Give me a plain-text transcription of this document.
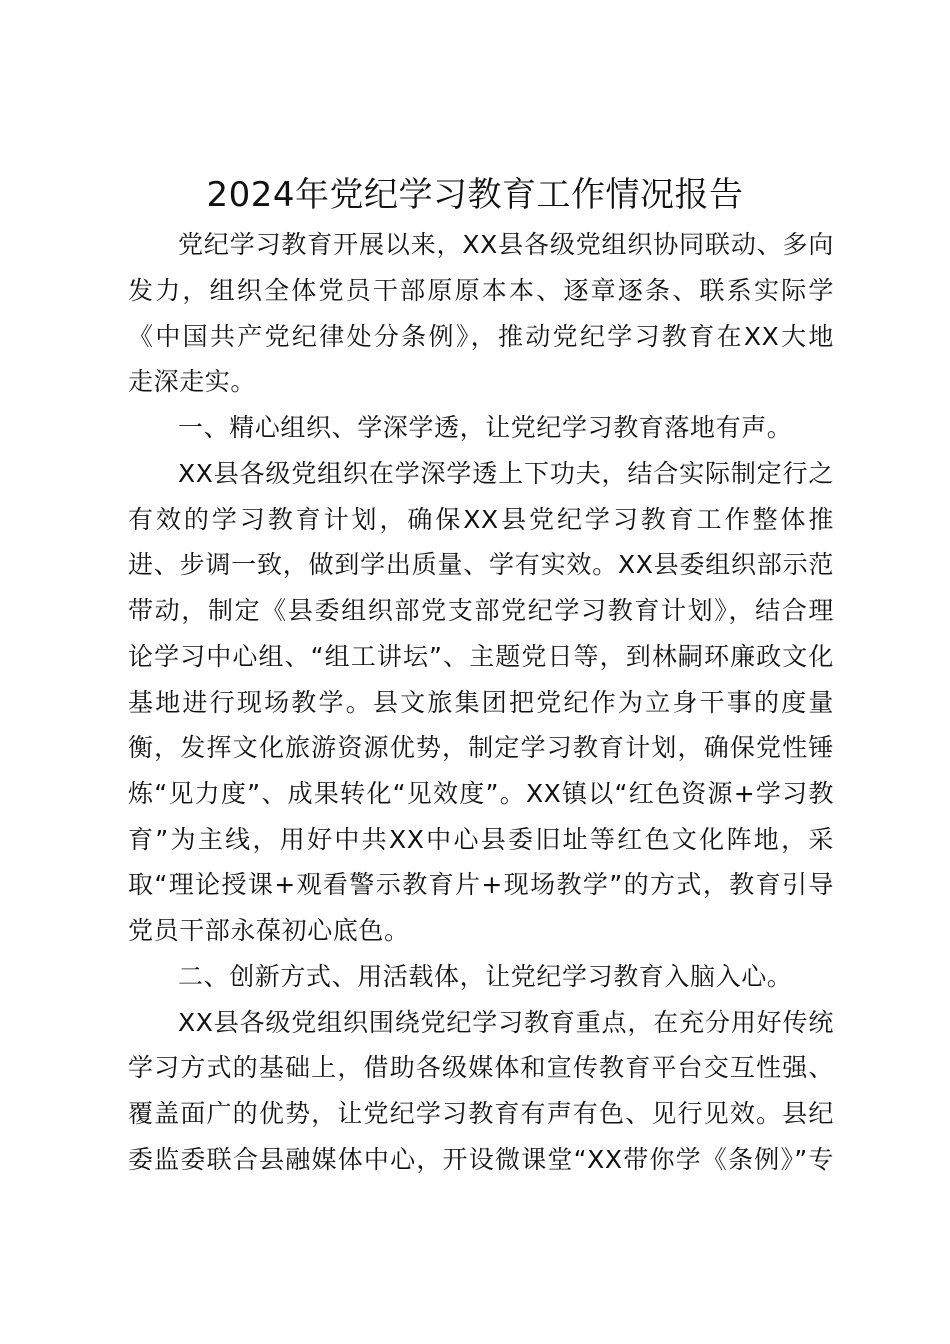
2024年党纪学习教育工作情况报告
党纪学习教育开展以来，XX县各级党组织协同联动、多向
发力，组织全体党员干部原原本本、逐章逐条、联系实际学
《中国共产党纪律处分条例》，推动党纪学习教育在XX大地
走深走实。
一、精心组织、学深学透，让党纪学习教育落地有声。
XX县各级党组织在学深学透上下功夫，结合实际制定行之
有效的学习教育计划，确保XX县党纪学习教育工作整体推
进、步调一致，做到学出质量、学有实效。XX县委组织部示范
带动，制定《县委组织部党支部党纪学习教育计划》，结合理
论学习中心组、“组工讲坛”、主题党日等，到林嗣环廉政文化
基地进行现场教学。县文旅集团把党纪作为立身干事的度量
衡，发挥文化旅游资源优势，制定学习教育计划，确保党性锤
炼“见力度”、成果转化“见效度”。XX镇以“红色资源+学习教
育”为主线，用好中共XX中心县委旧址等红色文化阵地，采
取“理论授课+观看警示教育片+现场教学”的方式，教育引导
党员干部永葆初心底色。
二、创新方式、用活载体，让党纪学习教育入脑入心。
XX县各级党组织围绕党纪学习教育重点，在充分用好传统
学习方式的基础上，借助各级媒体和宣传教育平台交互性强、
覆盖面广的优势，让党纪学习教育有声有色、见行见效。县纪
委监委联合县融媒体中心，开设微课堂“XX带你学《条例》”专
